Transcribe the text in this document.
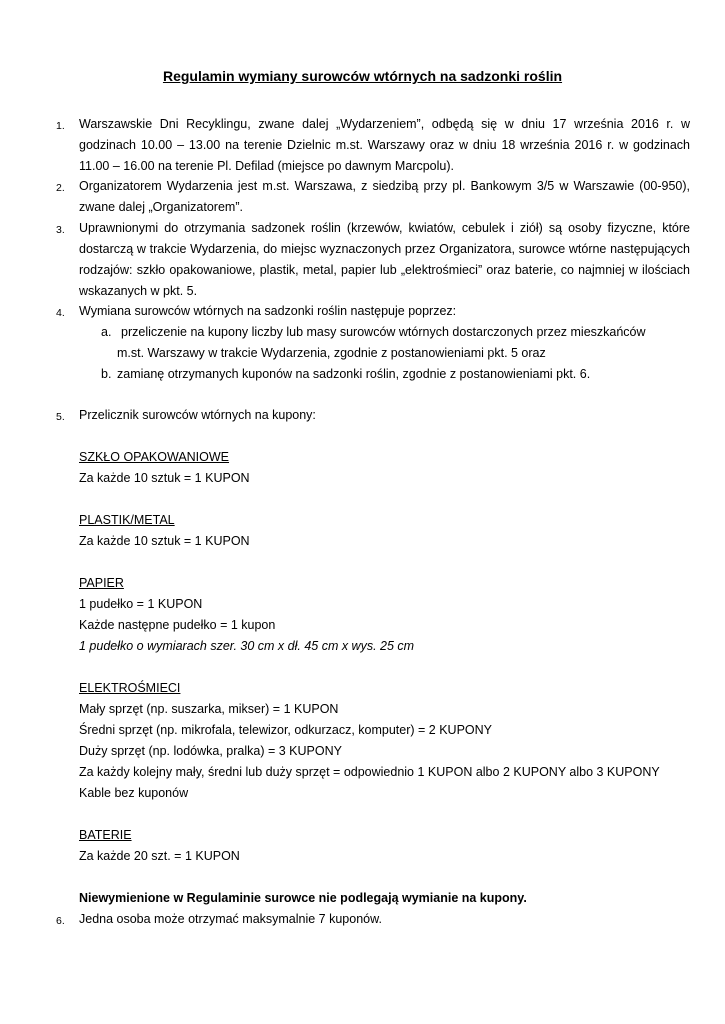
Regulamin wymiany surowców wtórnych na sadzonki roślin
1. Warszawskie Dni Recyklingu, zwane dalej „Wydarzeniem”, odbędą się w dniu 17 września 2016 r. w godzinach 10.00 – 13.00 na terenie Dzielnic m.st. Warszawy oraz w dniu 18 września 2016 r. w godzinach 11.00 – 16.00 na terenie Pl. Defilad (miejsce po dawnym Marcpolu).
2. Organizatorem Wydarzenia jest m.st. Warszawa, z siedzibą przy pl. Bankowym 3/5 w Warszawie (00-950), zwane dalej „Organizatorem”.
3. Uprawnionymi do otrzymania sadzonek roślin (krzewów, kwiatów, cebulek i ziół) są osoby fizyczne, które dostarczą w trakcie Wydarzenia, do miejsc wyznaczonych przez Organizatora, surowce wtórne następujących rodzajów: szkło opakowaniowe, plastik, metal, papier lub „elektrośmieci” oraz baterie, co najmniej w ilościach wskazanych w pkt. 5.
4. Wymiana surowców wtórnych na sadzonki roślin następuje poprzez:
a. przeliczenie na kupony liczby lub masy surowców wtórnych dostarczonych przez mieszkańców
m.st. Warszawy w trakcie Wydarzenia, zgodnie z postanowieniami pkt. 5 oraz
b. zamianę otrzymanych kuponów na sadzonki roślin, zgodnie z postanowieniami pkt. 6.
5. Przelicznik surowców wtórnych na kupony:
SZKŁO OPAKOWANIOWE
Za każde 10 sztuk = 1 KUPON
PLASTIK/METAL
Za każde 10 sztuk = 1 KUPON
PAPIER
1 pudełko = 1 KUPON
Każde następne pudełko = 1 kupon
1 pudełko o wymiarach szer. 30 cm x dł. 45 cm x wys. 25 cm
ELEKTROŚMIECI
Mały sprzęt (np. suszarka, mikser) = 1 KUPON
Średni sprzęt (np. mikrofala, telewizor, odkurzacz, komputer) = 2 KUPONY
Duży sprzęt (np. lodówka, pralka) = 3 KUPONY
Za każdy kolejny mały, średni lub duży sprzęt = odpowiednio 1 KUPON albo 2 KUPONY albo 3 KUPONY
Kable bez kuponów
BATERIE
Za każde 20 szt. = 1 KUPON
Niewymienione w Regulaminie surowce nie podlegają wymianie na kupony.
6. Jedna osoba może otrzymać maksymalnie 7 kuponów.
